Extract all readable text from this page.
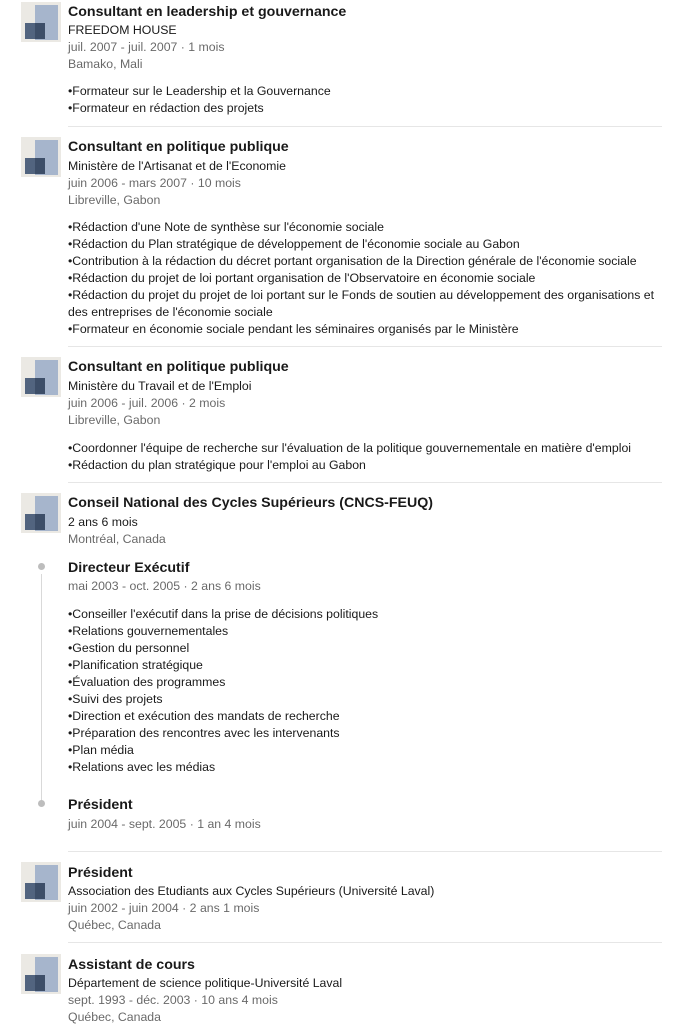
Consultant en leadership et gouvernance
FREEDOM HOUSE
juil. 2007 - juil. 2007 · 1 mois
Bamako, Mali
•Formateur sur le Leadership et la Gouvernance
•Formateur en rédaction des projets
Consultant en politique publique
Ministère de l'Artisanat et de l'Economie
juin 2006 - mars 2007 · 10 mois
Libreville, Gabon
•Rédaction d'une Note de synthèse sur l'économie sociale
•Rédaction du Plan stratégique de développement de l'économie sociale au Gabon
•Contribution à la rédaction du décret portant organisation de la Direction générale de l'économie sociale
•Rédaction du projet de loi portant organisation de l'Observatoire en économie sociale
•Rédaction du projet du projet de loi portant sur le Fonds de soutien au développement des organisations et
des entreprises de l'économie sociale
•Formateur en économie sociale pendant les séminaires organisés par le Ministère
Consultant en politique publique
Ministère du Travail et de l'Emploi
juin 2006 - juil. 2006 · 2 mois
Libreville, Gabon
•Coordonner l'équipe de recherche sur l'évaluation de la politique gouvernementale en matière d'emploi
•Rédaction du plan stratégique pour l'emploi au Gabon
Conseil National des Cycles Supérieurs (CNCS-FEUQ)
2 ans 6 mois
Montréal, Canada
Directeur Exécutif
mai 2003 - oct. 2005 · 2 ans 6 mois
•Conseiller l'exécutif dans la prise de décisions politiques
•Relations gouvernementales
•Gestion du personnel
•Planification stratégique
•Évaluation des programmes
•Suivi des projets
•Direction et exécution des mandats de recherche
•Préparation des rencontres avec les intervenants
•Plan média
•Relations avec les médias
Président
juin 2004 - sept. 2005 · 1 an 4 mois
Président
Association des Etudiants aux Cycles Supérieurs (Université Laval)
juin 2002 - juin 2004 · 2 ans 1 mois
Québec, Canada
Assistant de cours
Département de science politique-Université Laval
sept. 1993 - déc. 2003 · 10 ans 4 mois
Québec, Canada
